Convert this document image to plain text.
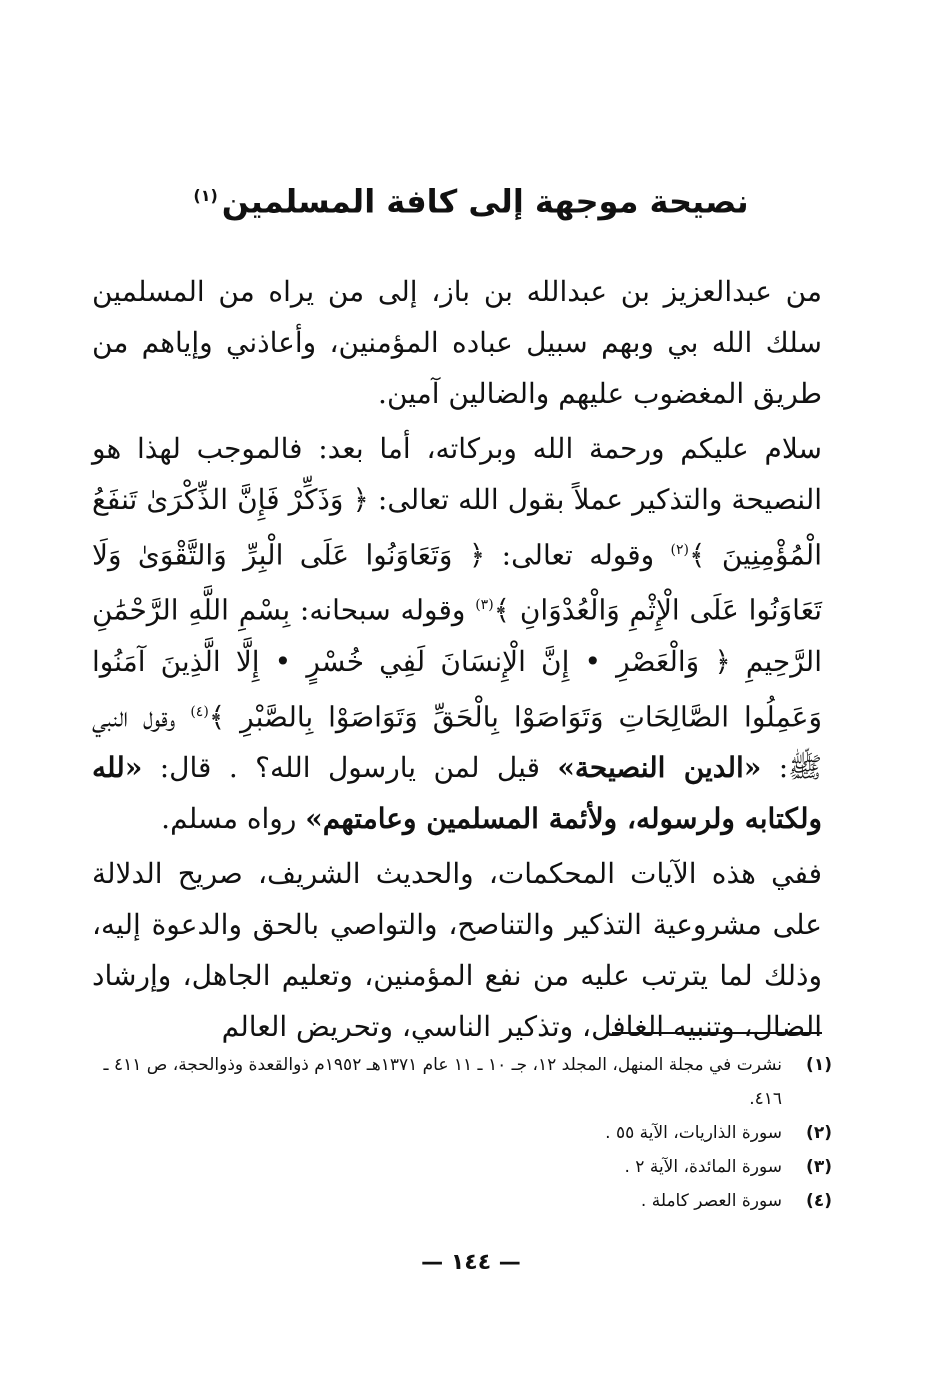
نصيحة موجهة إلى كافة المسلمين$^{(١)}$

من عبدالعزيز بن عبدالله بن باز، إلى من يراه من المسلمين سلك الله بي وبهم سبيل عباده المؤمنين، وأعاذني وإياهم من طريق المغضوب عليهم والضالين آمين.

سلام عليكم ورحمة الله وبركاته، أما بعد: فالموجب لهذا هو النصيحة والتذكير عملاً بقول الله تعالى: ﴿ وَذَكِّرْ فَإِنَّ الذِّكْرَىٰ تَنفَعُ الْمُؤْمِنِينَ ﴾$^{(٢)}$ وقوله تعالى: ﴿ وَتَعَاوَنُوا عَلَى الْبِرِّ وَالتَّقْوَىٰ وَلَا تَعَاوَنُوا عَلَى الْإِثْمِ وَالْعُدْوَانِ ﴾$^{(٣)}$ وقوله سبحانه: بِسْمِ اللَّهِ الرَّحْمَٰنِ الرَّحِيمِ ﴿ وَالْعَصْرِ • إِنَّ الْإِنسَانَ لَفِي خُسْرٍ • إِلَّا الَّذِينَ آمَنُوا وَعَمِلُوا الصَّالِحَاتِ وَتَوَاصَوْا بِالْحَقِّ وَتَوَاصَوْا بِالصَّبْرِ ﴾$^{(٤)}$ وقول النبي ﷺ: «الدين النصيحة» قيل لمن يارسول الله؟ . قال: «لله ولكتابه ولرسوله، ولأئمة المسلمين وعامتهم» رواه مسلم.

ففي هذه الآيات المحكمات، والحديث الشريف، صريح الدلالة على مشروعية التذكير والتناصح، والتواصي بالحق والدعوة إليه، وذلك لما يترتب عليه من نفع المؤمنين، وتعليم الجاهل، وإرشاد الضال، وتنبيه الغافل، وتذكير الناسي، وتحريض العالم

(١)
نشرت في مجلة المنهل، المجلد ١٢، جـ ١٠ ـ ١١ عام ١٣٧١هـ ١٩٥٢م ذوالقعدة وذوالحجة، ص ٤١١ ـ ٤١٦.
(٢)
سورة الذاريات، الآية ٥٥ .
(٣)
سورة المائدة، الآية ٢ .
(٤)
سورة العصر كاملة .
— ١٤٤ —
